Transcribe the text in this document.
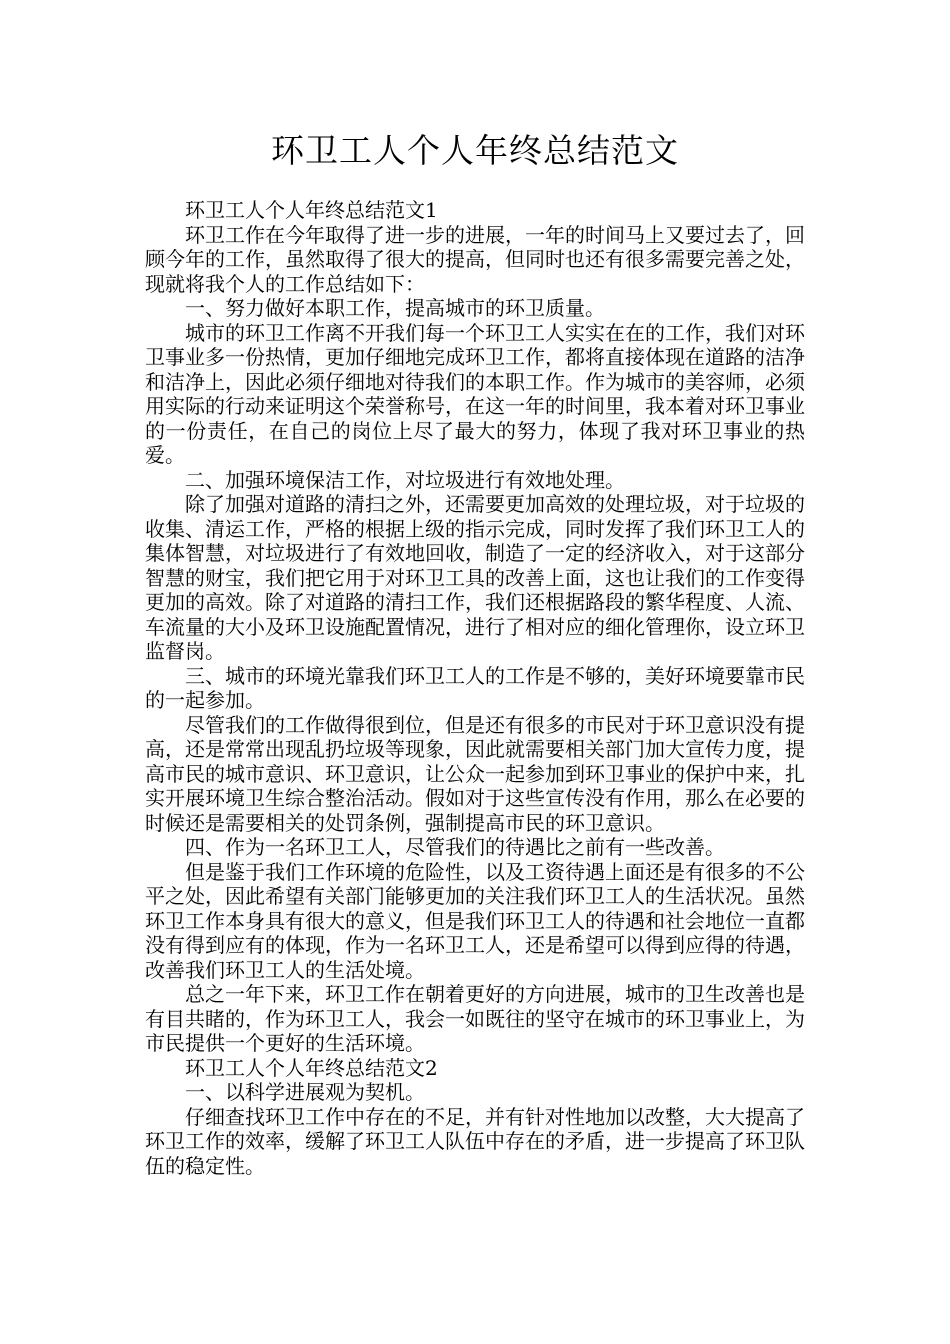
环卫工人个人年终总结范文

环卫工人个人年终总结范文1

环卫工作在今年取得了进一步的进展，一年的时间马上又要过去了，回顾今年的工作，虽然取得了很大的提高，但同时也还有很多需要完善之处，现就将我个人的工作总结如下：

一、努力做好本职工作，提高城市的环卫质量。

城市的环卫工作离不开我们每一个环卫工人实实在在的工作，我们对环卫事业多一份热情，更加仔细地完成环卫工作，都将直接体现在道路的洁净和洁净上，因此必须仔细地对待我们的本职工作。作为城市的美容师，必须用实际的行动来证明这个荣誉称号，在这一年的时间里，我本着对环卫事业的一份责任，在自己的岗位上尽了最大的努力，体现了我对环卫事业的热爱。

二、加强环境保洁工作，对垃圾进行有效地处理。

除了加强对道路的清扫之外，还需要更加高效的处理垃圾，对于垃圾的收集、清运工作，严格的根据上级的指示完成，同时发挥了我们环卫工人的集体智慧，对垃圾进行了有效地回收，制造了一定的经济收入，对于这部分智慧的财宝，我们把它用于对环卫工具的改善上面，这也让我们的工作变得更加的高效。除了对道路的清扫工作，我们还根据路段的繁华程度、人流、车流量的大小及环卫设施配置情况，进行了相对应的细化管理你，设立环卫监督岗。

三、城市的环境光靠我们环卫工人的工作是不够的，美好环境要靠市民的一起参加。

尽管我们的工作做得很到位，但是还有很多的市民对于环卫意识没有提高，还是常常出现乱扔垃圾等现象，因此就需要相关部门加大宣传力度，提高市民的城市意识、环卫意识，让公众一起参加到环卫事业的保护中来，扎实开展环境卫生综合整治活动。假如对于这些宣传没有作用，那么在必要的时候还是需要相关的处罚条例，强制提高市民的环卫意识。

四、作为一名环卫工人，尽管我们的待遇比之前有一些改善。

但是鉴于我们工作环境的危险性，以及工资待遇上面还是有很多的不公平之处，因此希望有关部门能够更加的关注我们环卫工人的生活状况。虽然环卫工作本身具有很大的意义，但是我们环卫工人的待遇和社会地位一直都没有得到应有的体现，作为一名环卫工人，还是希望可以得到应得的待遇，改善我们环卫工人的生活处境。

总之一年下来，环卫工作在朝着更好的方向进展，城市的卫生改善也是有目共睹的，作为环卫工人，我会一如既往的坚守在城市的环卫事业上，为市民提供一个更好的生活环境。

环卫工人个人年终总结范文2

一、以科学进展观为契机。

仔细查找环卫工作中存在的不足，并有针对性地加以改整，大大提高了环卫工作的效率，缓解了环卫工人队伍中存在的矛盾，进一步提高了环卫队伍的稳定性。
